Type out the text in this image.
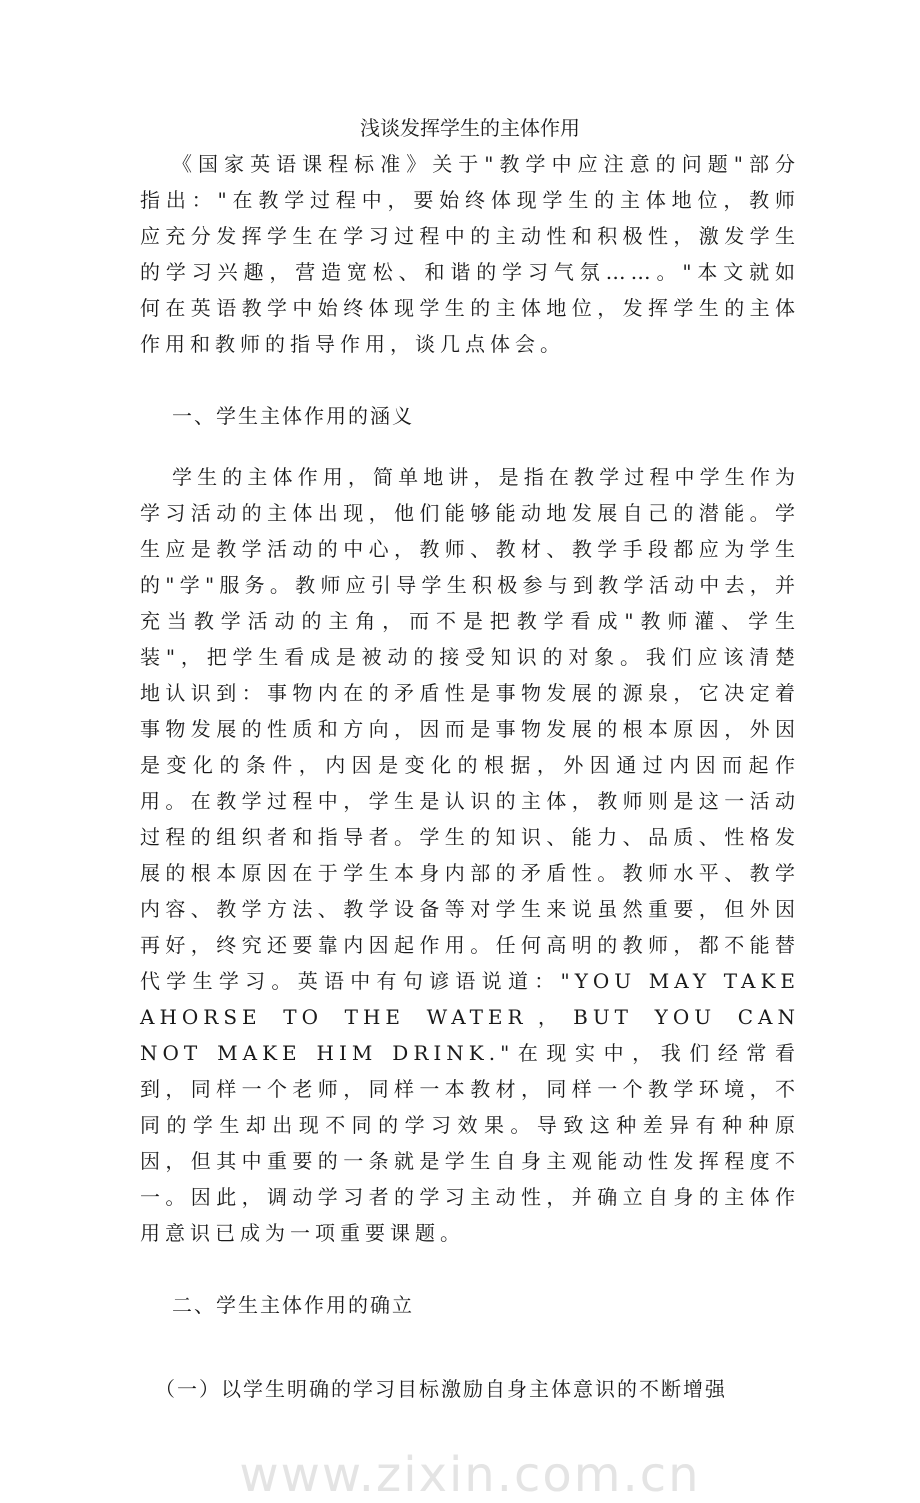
浅谈发挥学生的主体作用

《国家英语课程标准》关于"教学中应注意的问题"部分指出："在教学过程中，要始终体现学生的主体地位，教师应充分发挥学生在学习过程中的主动性和积极性，激发学生的学习兴趣，营造宽松、和谐的学习气氛……。"本文就如何在英语教学中始终体现学生的主体地位，发挥学生的主体作用和教师的指导作用，谈几点体会。

一、学生主体作用的涵义

学生的主体作用，简单地讲，是指在教学过程中学生作为学习活动的主体出现，他们能够能动地发展自己的潜能。学生应是教学活动的中心，教师、教材、教学手段都应为学生的"学"服务。教师应引导学生积极参与到教学活动中去，并充当教学活动的主角，而不是把教学看成"教师灌、学生装"，把学生看成是被动的接受知识的对象。我们应该清楚地认识到：事物内在的矛盾性是事物发展的源泉，它决定着事物发展的性质和方向，因而是事物发展的根本原因，外因是变化的条件，内因是变化的根据，外因通过内因而起作用。在教学过程中，学生是认识的主体，教师则是这一活动过程的组织者和指导者。学生的知识、能力、品质、性格发展的根本原因在于学生本身内部的矛盾性。教师水平、教学内容、教学方法、教学设备等对学生来说虽然重要，但外因再好，终究还要靠内因起作用。任何高明的教师，都不能替代学生学习。英语中有句谚语说道："YOU MAY TAKE AHORSE TO THE WATER，BUT YOU CAN NOT MAKE HIM DRINK."在现实中，我们经常看到，同样一个老师，同样一本教材，同样一个教学环境，不同的学生却出现不同的学习效果。导致这种差异有种种原因，但其中重要的一条就是学生自身主观能动性发挥程度不一。因此，调动学习者的学习主动性，并确立自身的主体作用意识已成为一项重要课题。

二、学生主体作用的确立
（一）以学生明确的学习目标激励自身主体意识的不断增强
www.zixin.com.cn
